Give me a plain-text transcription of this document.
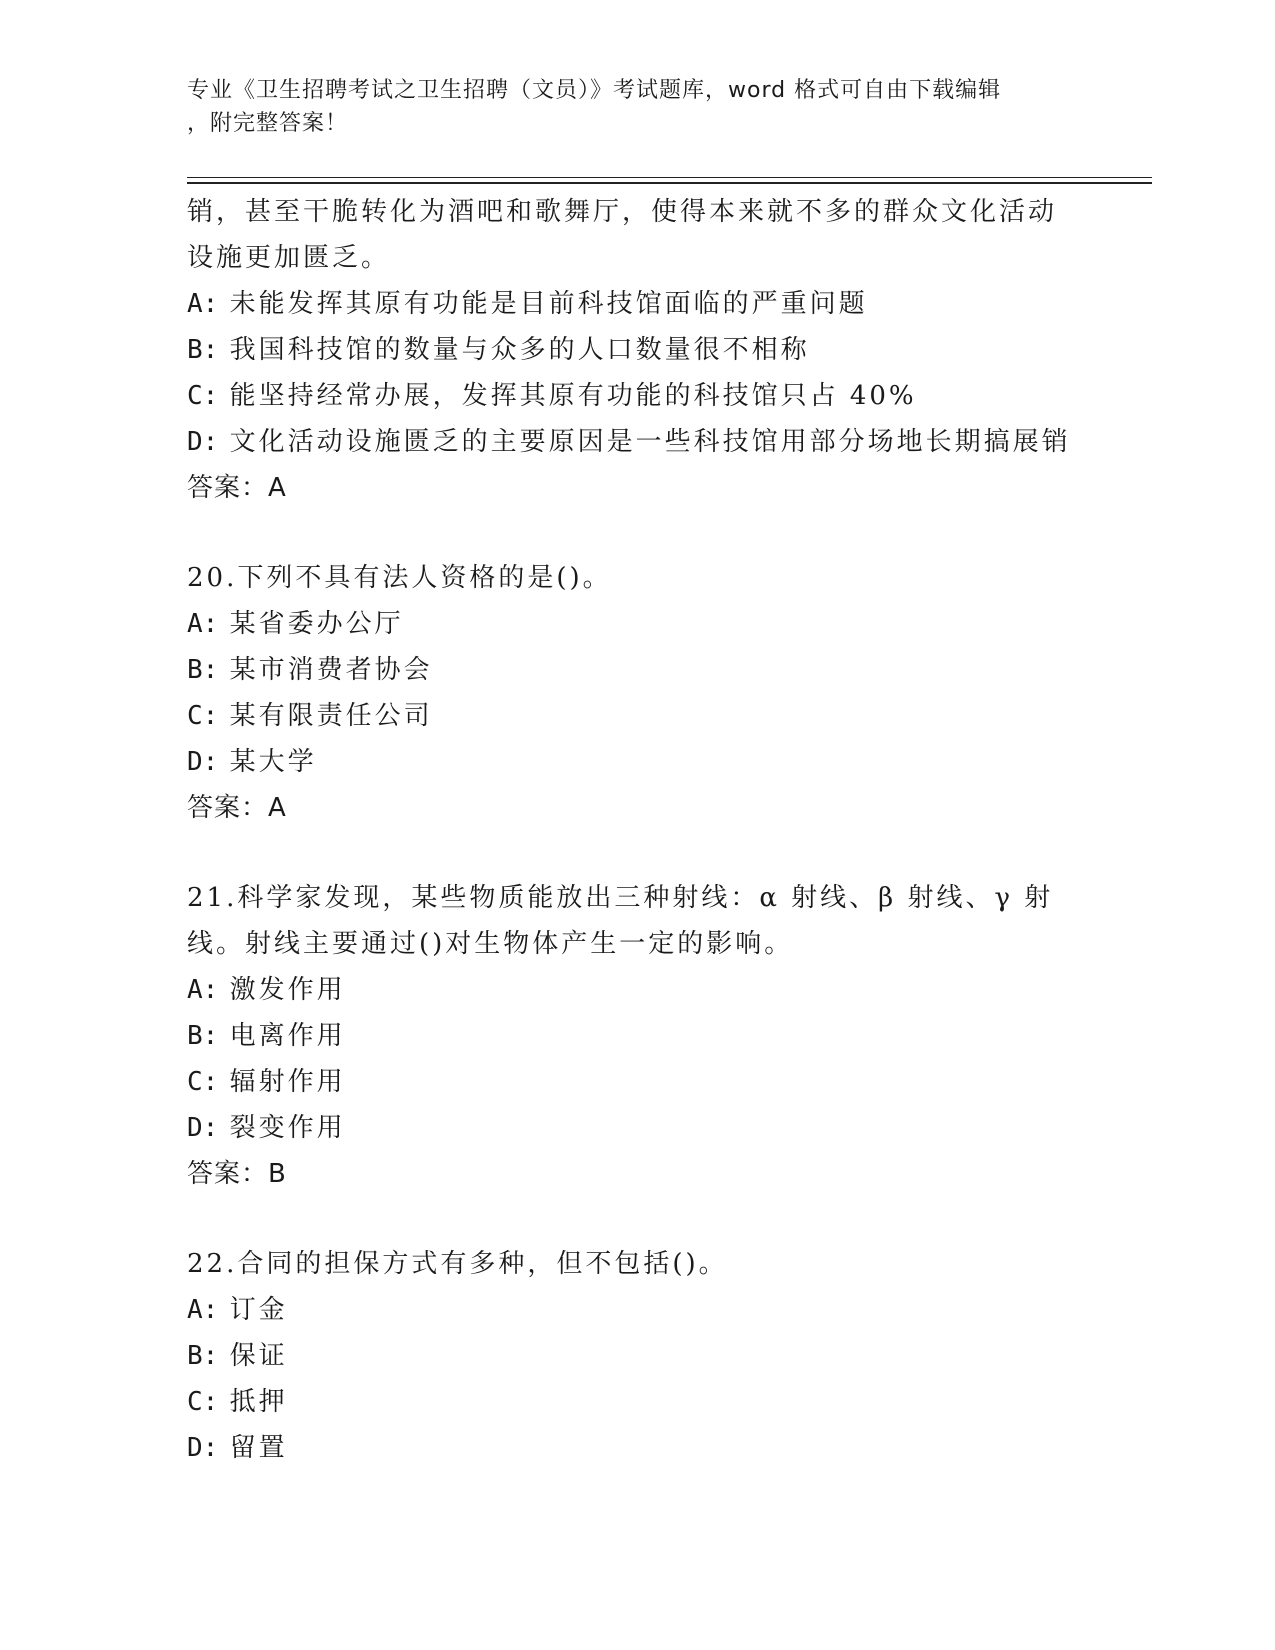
专业《卫生招聘考试之卫生招聘（文员）》考试题库，word 格式可自由下载编辑
，附完整答案！
销，甚至干脆转化为酒吧和歌舞厅，使得本来就不多的群众文化活动
设施更加匮乏。
A: 未能发挥其原有功能是目前科技馆面临的严重问题
B: 我国科技馆的数量与众多的人口数量很不相称
C: 能坚持经常办展，发挥其原有功能的科技馆只占 40%
D: 文化活动设施匮乏的主要原因是一些科技馆用部分场地长期搞展销
答案：A
20.下列不具有法人资格的是()。
A: 某省委办公厅
B: 某市消费者协会
C: 某有限责任公司
D: 某大学
答案：A
21.科学家发现，某些物质能放出三种射线：α 射线、β 射线、γ 射
线。射线主要通过()对生物体产生一定的影响。
A: 激发作用
B: 电离作用
C: 辐射作用
D: 裂变作用
答案：B
22.合同的担保方式有多种，但不包括()。
A: 订金
B: 保证
C: 抵押
D: 留置
